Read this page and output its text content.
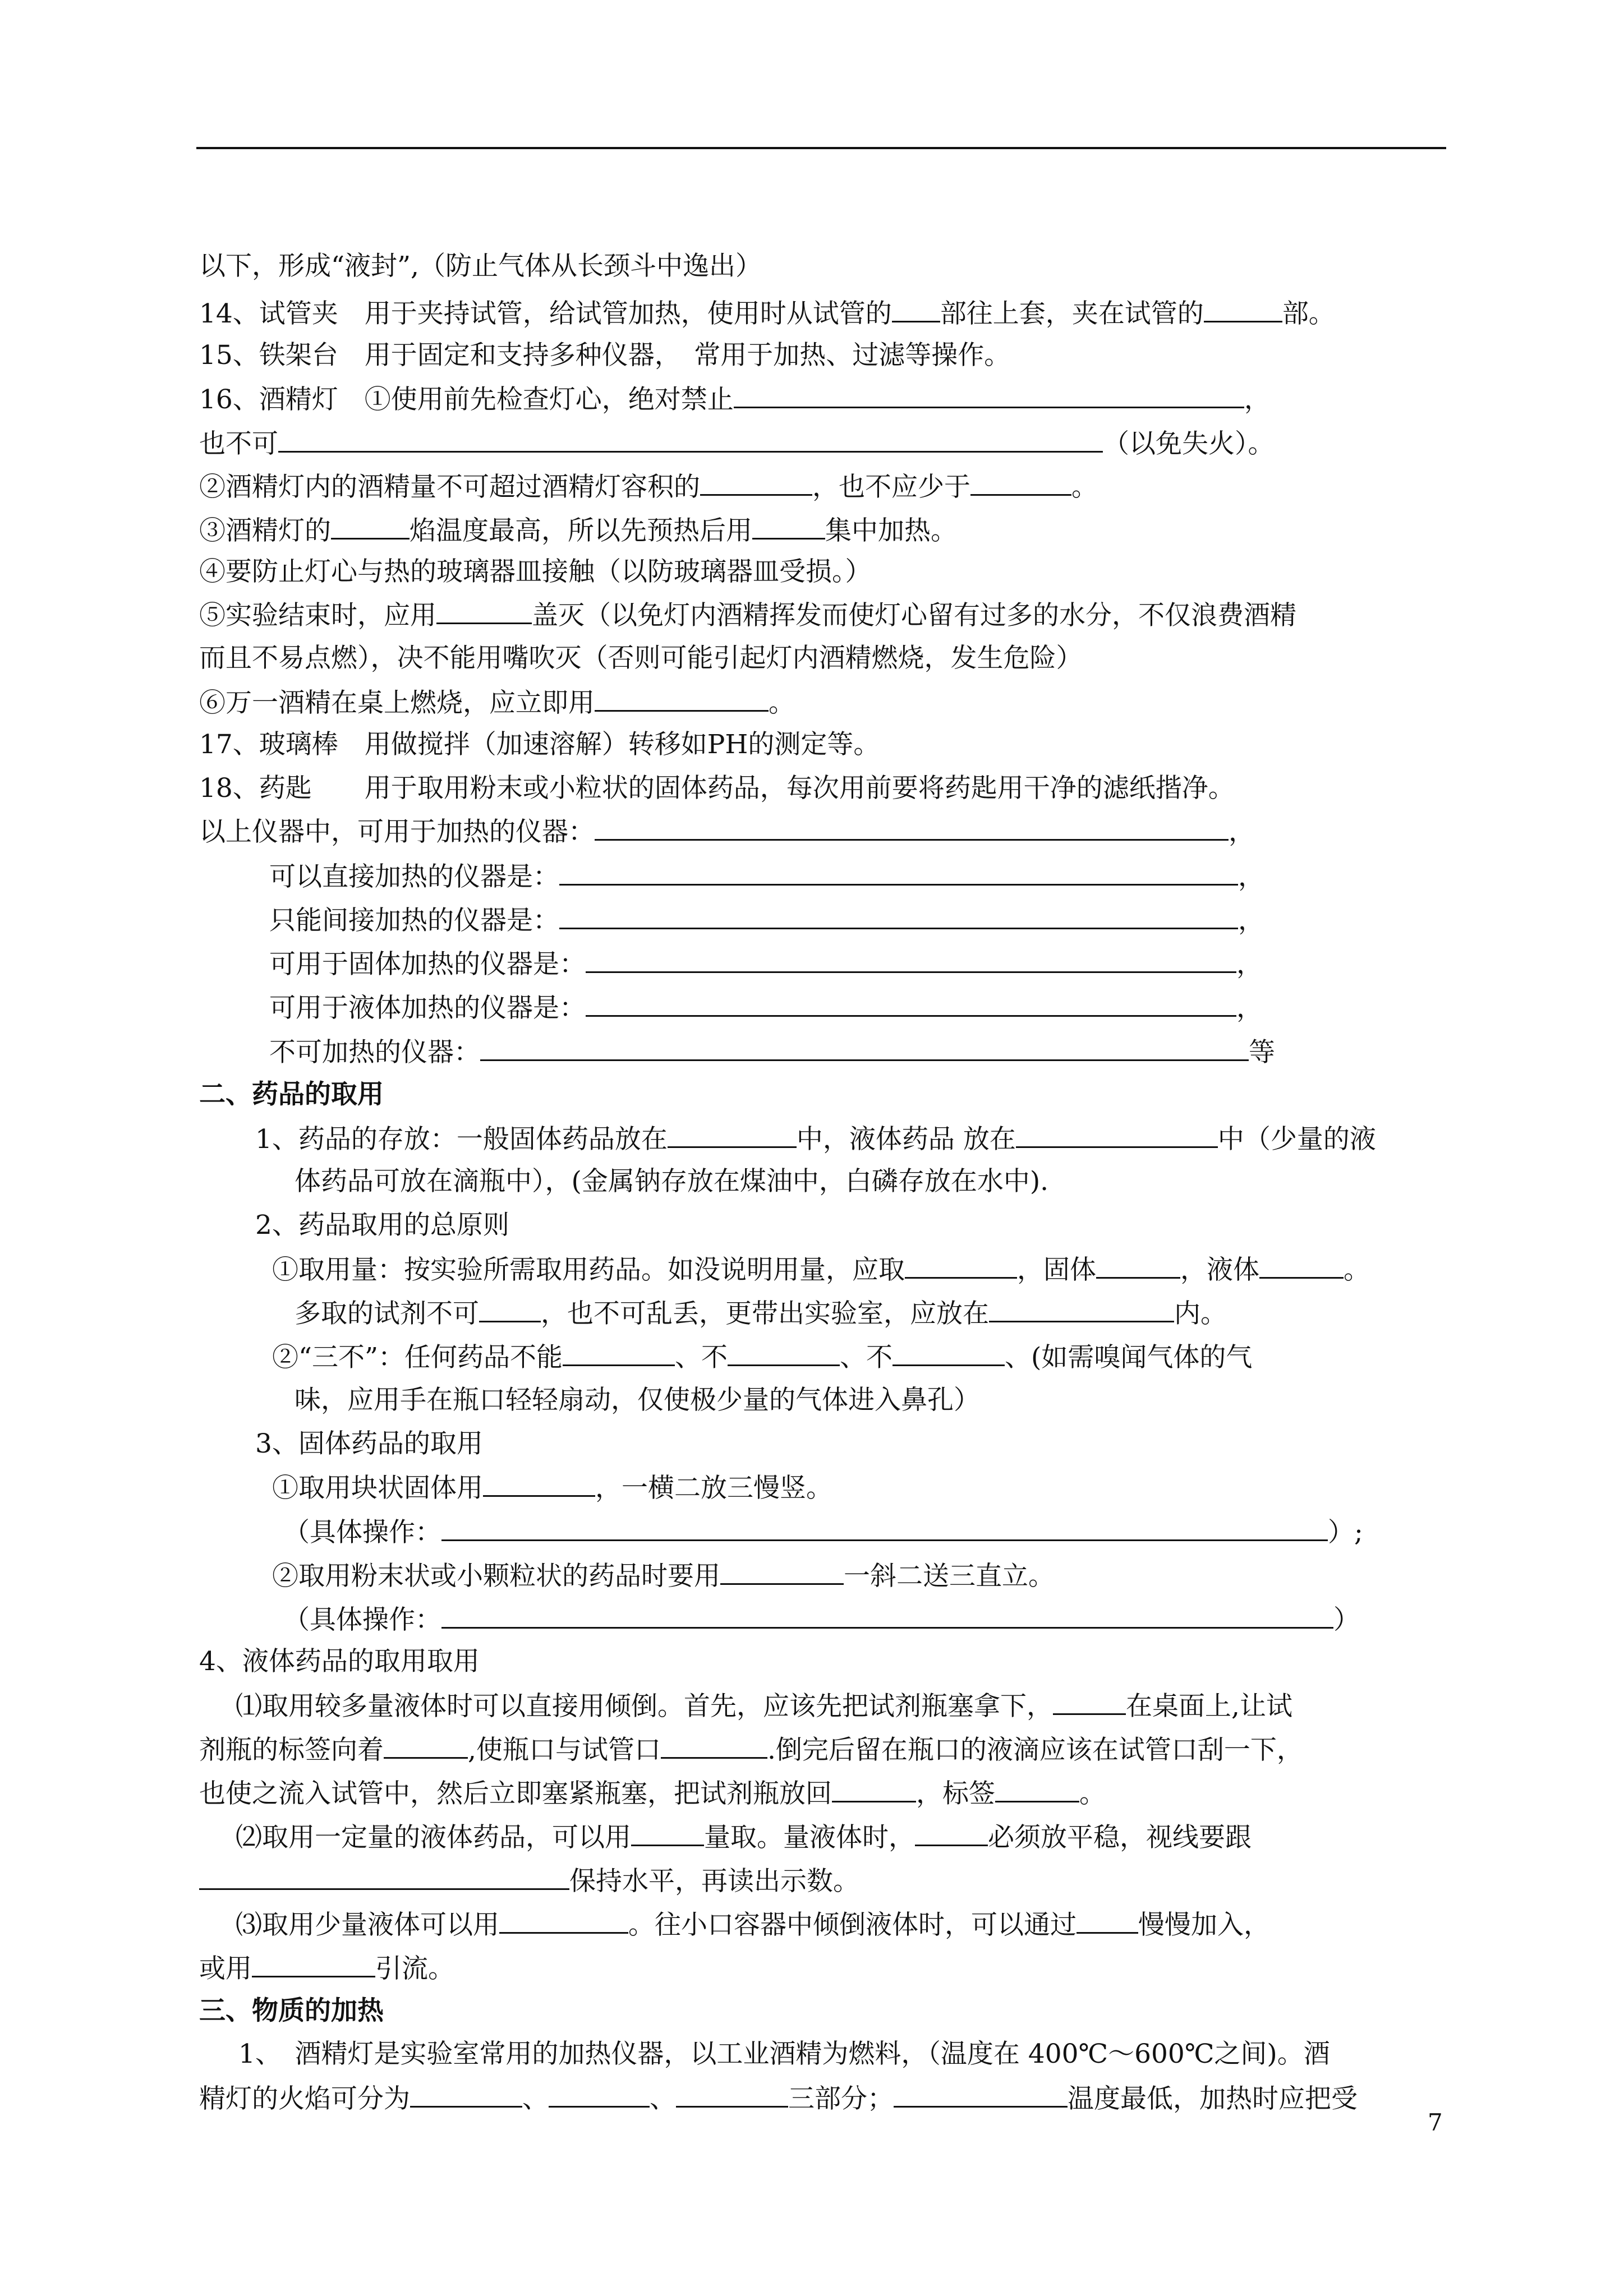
以下，形成“液封”,（防止气体从长颈斗中逸出）
14、试管夹　用于夹持试管，给试管加热，使用时从试管的 部往上套，夹在试管的	部。
15、铁架台　用于固定和支持多种仪器，　常用于加热、过滤等操作。
16、酒精灯　①使用前先检查灯心，绝对禁止	，
也不可	（以免失火）。
②酒精灯内的酒精量不可超过酒精灯容积的	，也不应少于	。
③酒精灯的	焰温度最高，所以先预热后用	集中加热。
④要防止灯心与热的玻璃器皿接触（以防玻璃器皿受损。）
⑤实验结束时，应用	盖灭（以免灯内酒精挥发而使灯心留有过多的水分，不仅浪费酒精
而且不易点燃），决不能用嘴吹灭（否则可能引起灯内酒精燃烧，发生危险）
⑥万一酒精在桌上燃烧，应立即用	。
17、玻璃棒　用做搅拌（加速溶解）转移如PH的测定等。
18、药匙　　用于取用粉末或小粒状的固体药品，每次用前要将药匙用干净的滤纸揩净。
以上仪器中，可用于加热的仪器：	，
可以直接加热的仪器是：	，
只能间接加热的仪器是：	，
可用于固体加热的仪器是：	，
可用于液体加热的仪器是：	，
不可加热的仪器：	等
二、药品的取用
1、药品的存放：一般固体药品放在	中，液体药品 放在	中（少量的液
体药品可放在滴瓶中），(金属钠存放在煤油中，白磷存放在水中).
2、药品取用的总原则
①取用量：按实验所需取用药品。如没说明用量，应取	，固体	，液体	。
多取的试剂不可 ，也不可乱丢，更带出实验室，应放在	内。
②“三不”：任何药品不能	、不	、不	、(如需嗅闻气体的气
味，应用手在瓶口轻轻扇动，仅使极少量的气体进入鼻孔）
3、固体药品的取用
①取用块状固体用	，一横二放三慢竖。
（具体操作：	）;
②取用粉末状或小颗粒状的药品时要用	一斜二送三直立。
（具体操作：	）
4、液体药品的取用取用
⑴取用较多量液体时可以直接用倾倒。首先，应该先把试剂瓶塞拿下，	在桌面上,让试
剂瓶的标签向着	,使瓶口与试管口	.倒完后留在瓶口的液滴应该在试管口刮一下，
也使之流入试管中，然后立即塞紧瓶塞，把试剂瓶放回	，标签	。
⑵取用一定量的液体药品，可以用	量取。量液体时，	必须放平稳，视线要跟
保持水平，再读出示数。
⑶取用少量液体可以用	。往小口容器中倾倒液体时，可以通过 慢慢加入，
或用	引流。
三、物质的加热
1、　酒精灯是实验室常用的加热仪器，以工业酒精为燃料，（温度在 400℃～600℃之间)。酒
精灯的火焰可分为	、	、	三部分；	温度最低，加热时应把受
7
